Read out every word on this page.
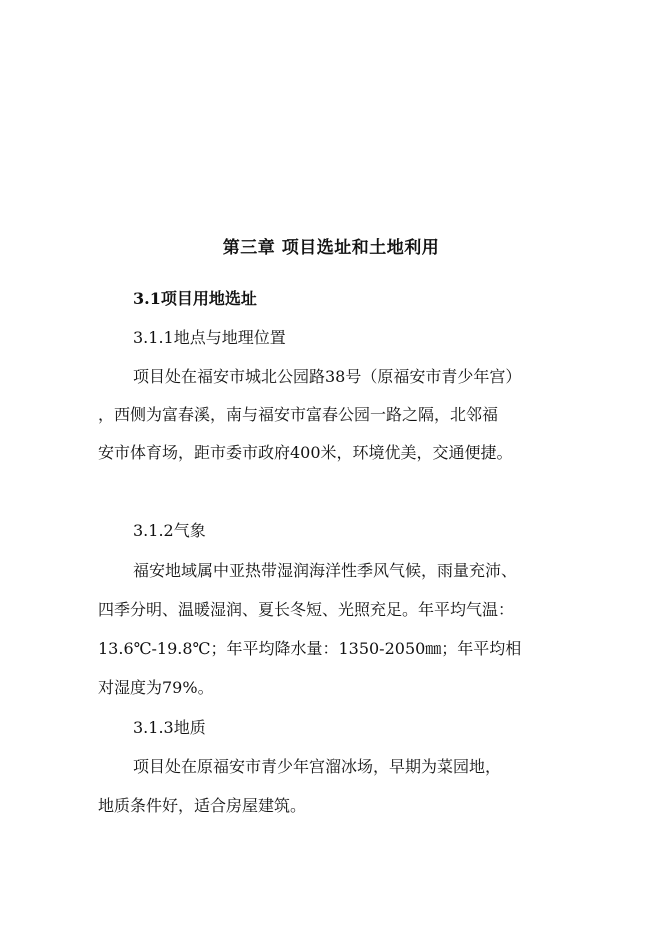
第三章 项目选址和土地利用
3.1项目用地选址
3.1.1地点与地理位置
项目处在福安市城北公园路38号（原福安市青少年宫）
，西侧为富春溪，南与福安市富春公园一路之隔，北邻福
安市体育场，距市委市政府400米，环境优美，交通便捷。
3.1.2气象
福安地域属中亚热带湿润海洋性季风气候，雨量充沛、
四季分明、温暖湿润、夏长冬短、光照充足。年平均气温：
13.6℃-19.8℃；年平均降水量：1350-2050㎜；年平均相
对湿度为79%。
3.1.3地质
项目处在原福安市青少年宫溜冰场，早期为菜园地，
地质条件好，适合房屋建筑。
